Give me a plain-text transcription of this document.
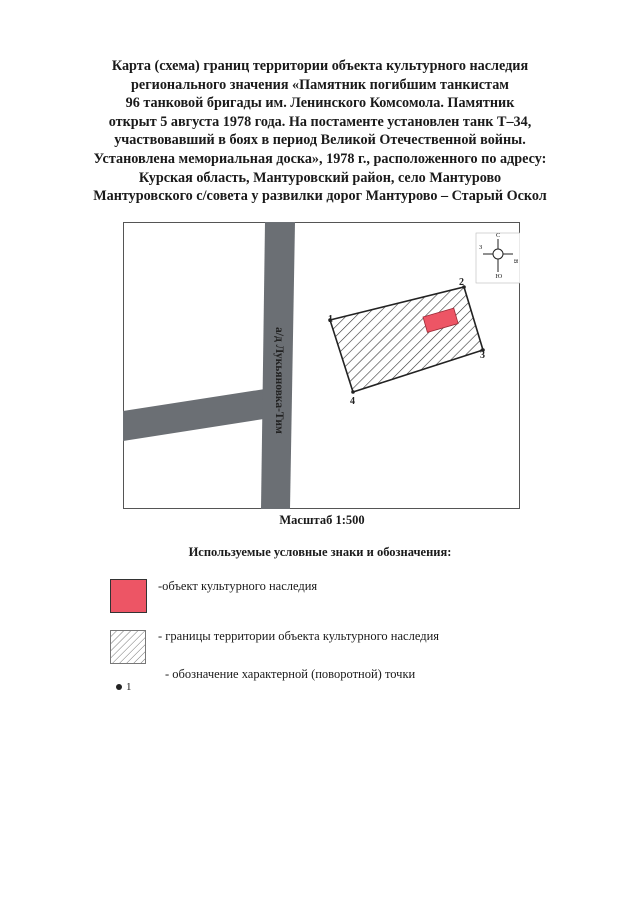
Карта (схема) границ территории объекта культурного наследия
регионального значения «Памятник погибшим танкистам
96 танковой бригады им. Ленинского Комсомола. Памятник
открыт 5 августа 1978 года. На постаменте установлен танк Т–34,
участвовавший в боях в период Великой Отечественной войны.
Установлена мемориальная доска», 1978 г., расположенного по адресу:
Курская область, Мантуровский район, село Мантурово
Мантуровского с/совета у развилки дорог Мантурово – Старый Оскол
а/д Лукьяновка-Тим
1
2
3
4
С
Ю
З
В
Масштаб 1:500
Используемые условные знаки и обозначения:
-объект культурного наследия
- границы территории объекта культурного наследия
- обозначение характерной (поворотной) точки
1
